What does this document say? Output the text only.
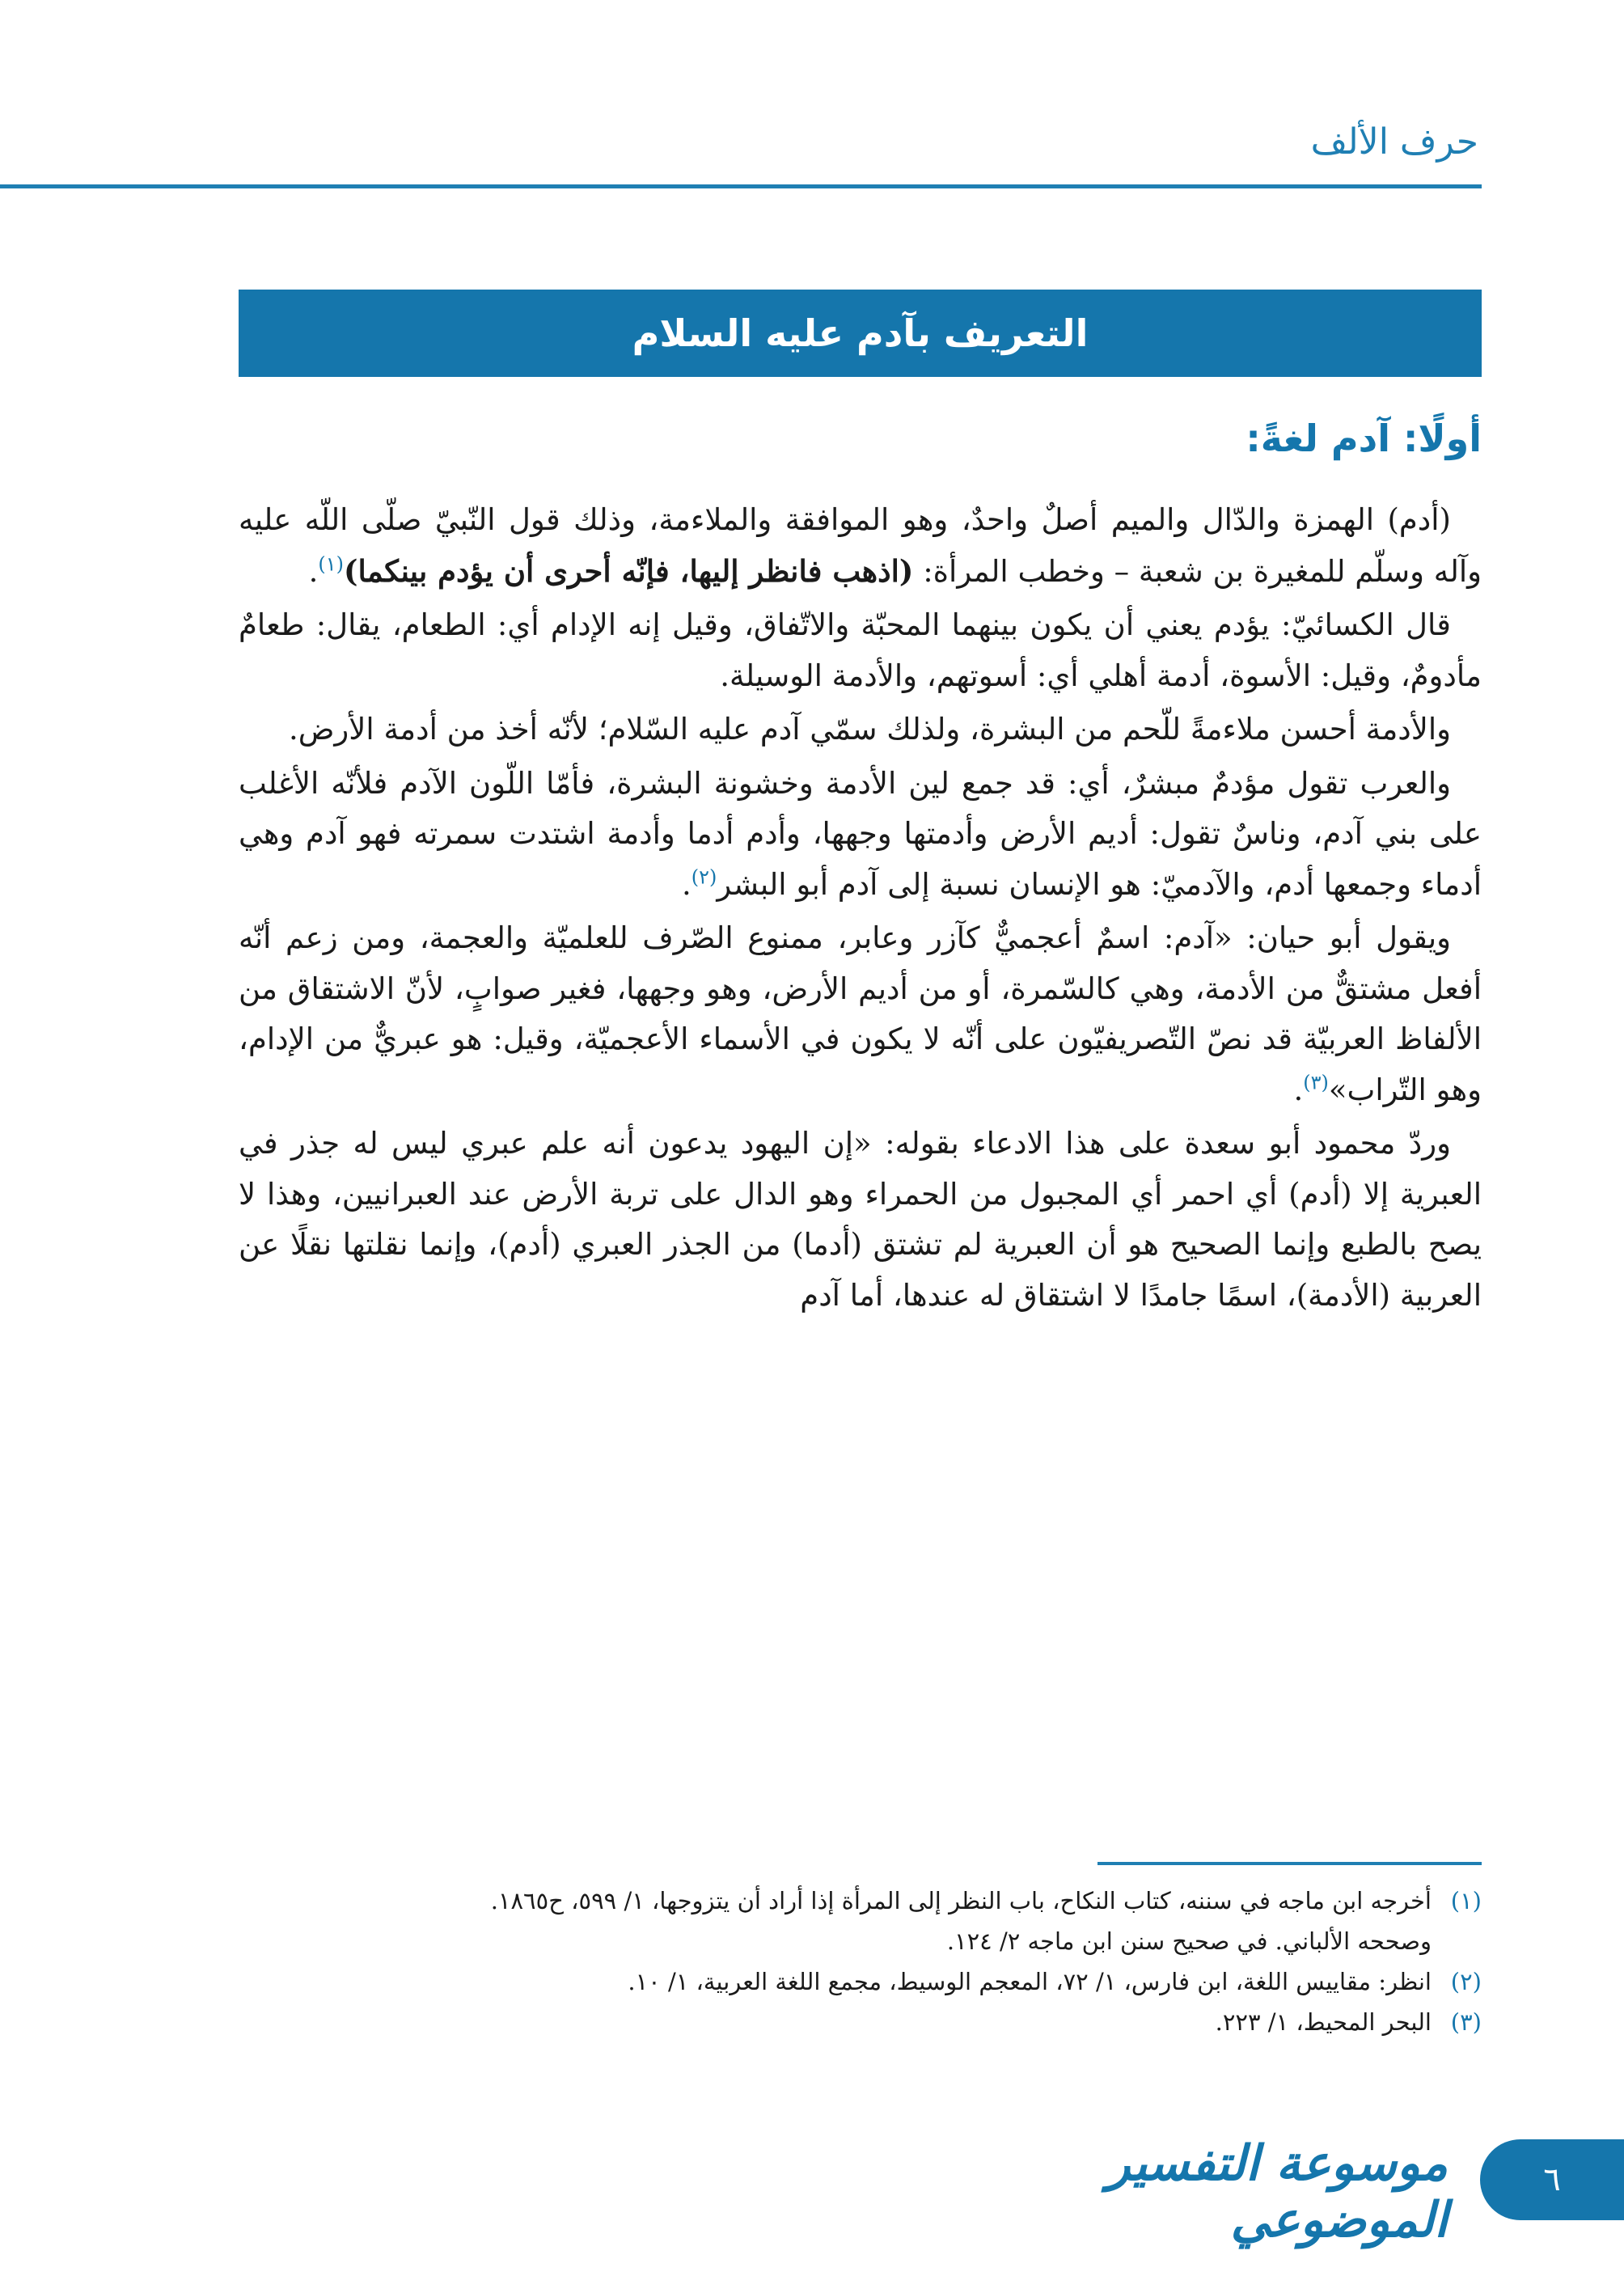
حرف الألف
التعريف بآدم عليه السلام
أولًا: آدم لغةً:

(أدم) الهمزة والدّال والميم أصلٌ واحدٌ، وهو الموافقة والملاءمة، وذلك قول النّبيّ صلّى اللّه عليه وآله وسلّم للمغيرة بن شعبة – وخطب المرأة: (اذهب فانظر إليها، فإنّه أحرى أن يؤدم بينكما)$^{(١)}$.

قال الكسائيّ: يؤدم يعني أن يكون بينهما المحبّة والاتّفاق، وقيل إنه الإدام أي: الطعام، يقال: طعامٌ مأدومٌ، وقيل: الأسوة، أدمة أهلي أي: أسوتهم، والأدمة الوسيلة.

والأدمة أحسن ملاءمةً للّحم من البشرة، ولذلك سمّي آدم عليه السّلام؛ لأنّه أخذ من أدمة الأرض.

والعرب تقول مؤدمٌ مبشرٌ، أي: قد جمع لين الأدمة وخشونة البشرة، فأمّا اللّون الآدم فلأنّه الأغلب على بني آدم، وناسٌ تقول: أديم الأرض وأدمتها وجهها، وأدم أدما وأدمة اشتدت سمرته فهو آدم وهي أدماء وجمعها أدم، والآدميّ: هو الإنسان نسبة إلى آدم أبو البشر$^{(٢)}$.

ويقول أبو حيان: «آدم: اسمٌ أعجميٌّ كآزر وعابر، ممنوع الصّرف للعلميّة والعجمة، ومن زعم أنّه أفعل مشتقٌّ من الأدمة، وهي كالسّمرة، أو من أديم الأرض، وهو وجهها، فغير صوابٍ، لأنّ الاشتقاق من الألفاظ العربيّة قد نصّ التّصريفيّون على أنّه لا يكون في الأسماء الأعجميّة، وقيل: هو عبريٌّ من الإدام، وهو التّراب»$^{(٣)}$.

وردّ محمود أبو سعدة على هذا الادعاء بقوله: «إن اليهود يدعون أنه علم عبري ليس له جذر في العبرية إلا (أدم) أي احمر أي المجبول من الحمراء وهو الدال على تربة الأرض عند العبرانيين، وهذا لا يصح بالطبع وإنما الصحيح هو أن العبرية لم تشتق (أدما) من الجذر العبري (أدم)، وإنما نقلتها نقلًا عن العربية (الأدمة)، اسمًا جامدًا لا اشتقاق له عندها، أما آدم

(١)
أخرجه ابن ماجه في سننه، كتاب النكاح، باب النظر إلى المرأة إذا أراد أن يتزوجها، ١/ ٥٩٩، ح١٨٦٥.
وصححه الألباني. في صحيح سنن ابن ماجه ٢/ ١٢٤.
(٢)
انظر: مقاييس اللغة، ابن فارس، ١/ ٧٢، المعجم الوسيط، مجمع اللغة العربية، ١/ ١٠.
(٣)
البحر المحيط، ١/ ٢٢٣.
موسوعة التفسير الموضوعي
٦
